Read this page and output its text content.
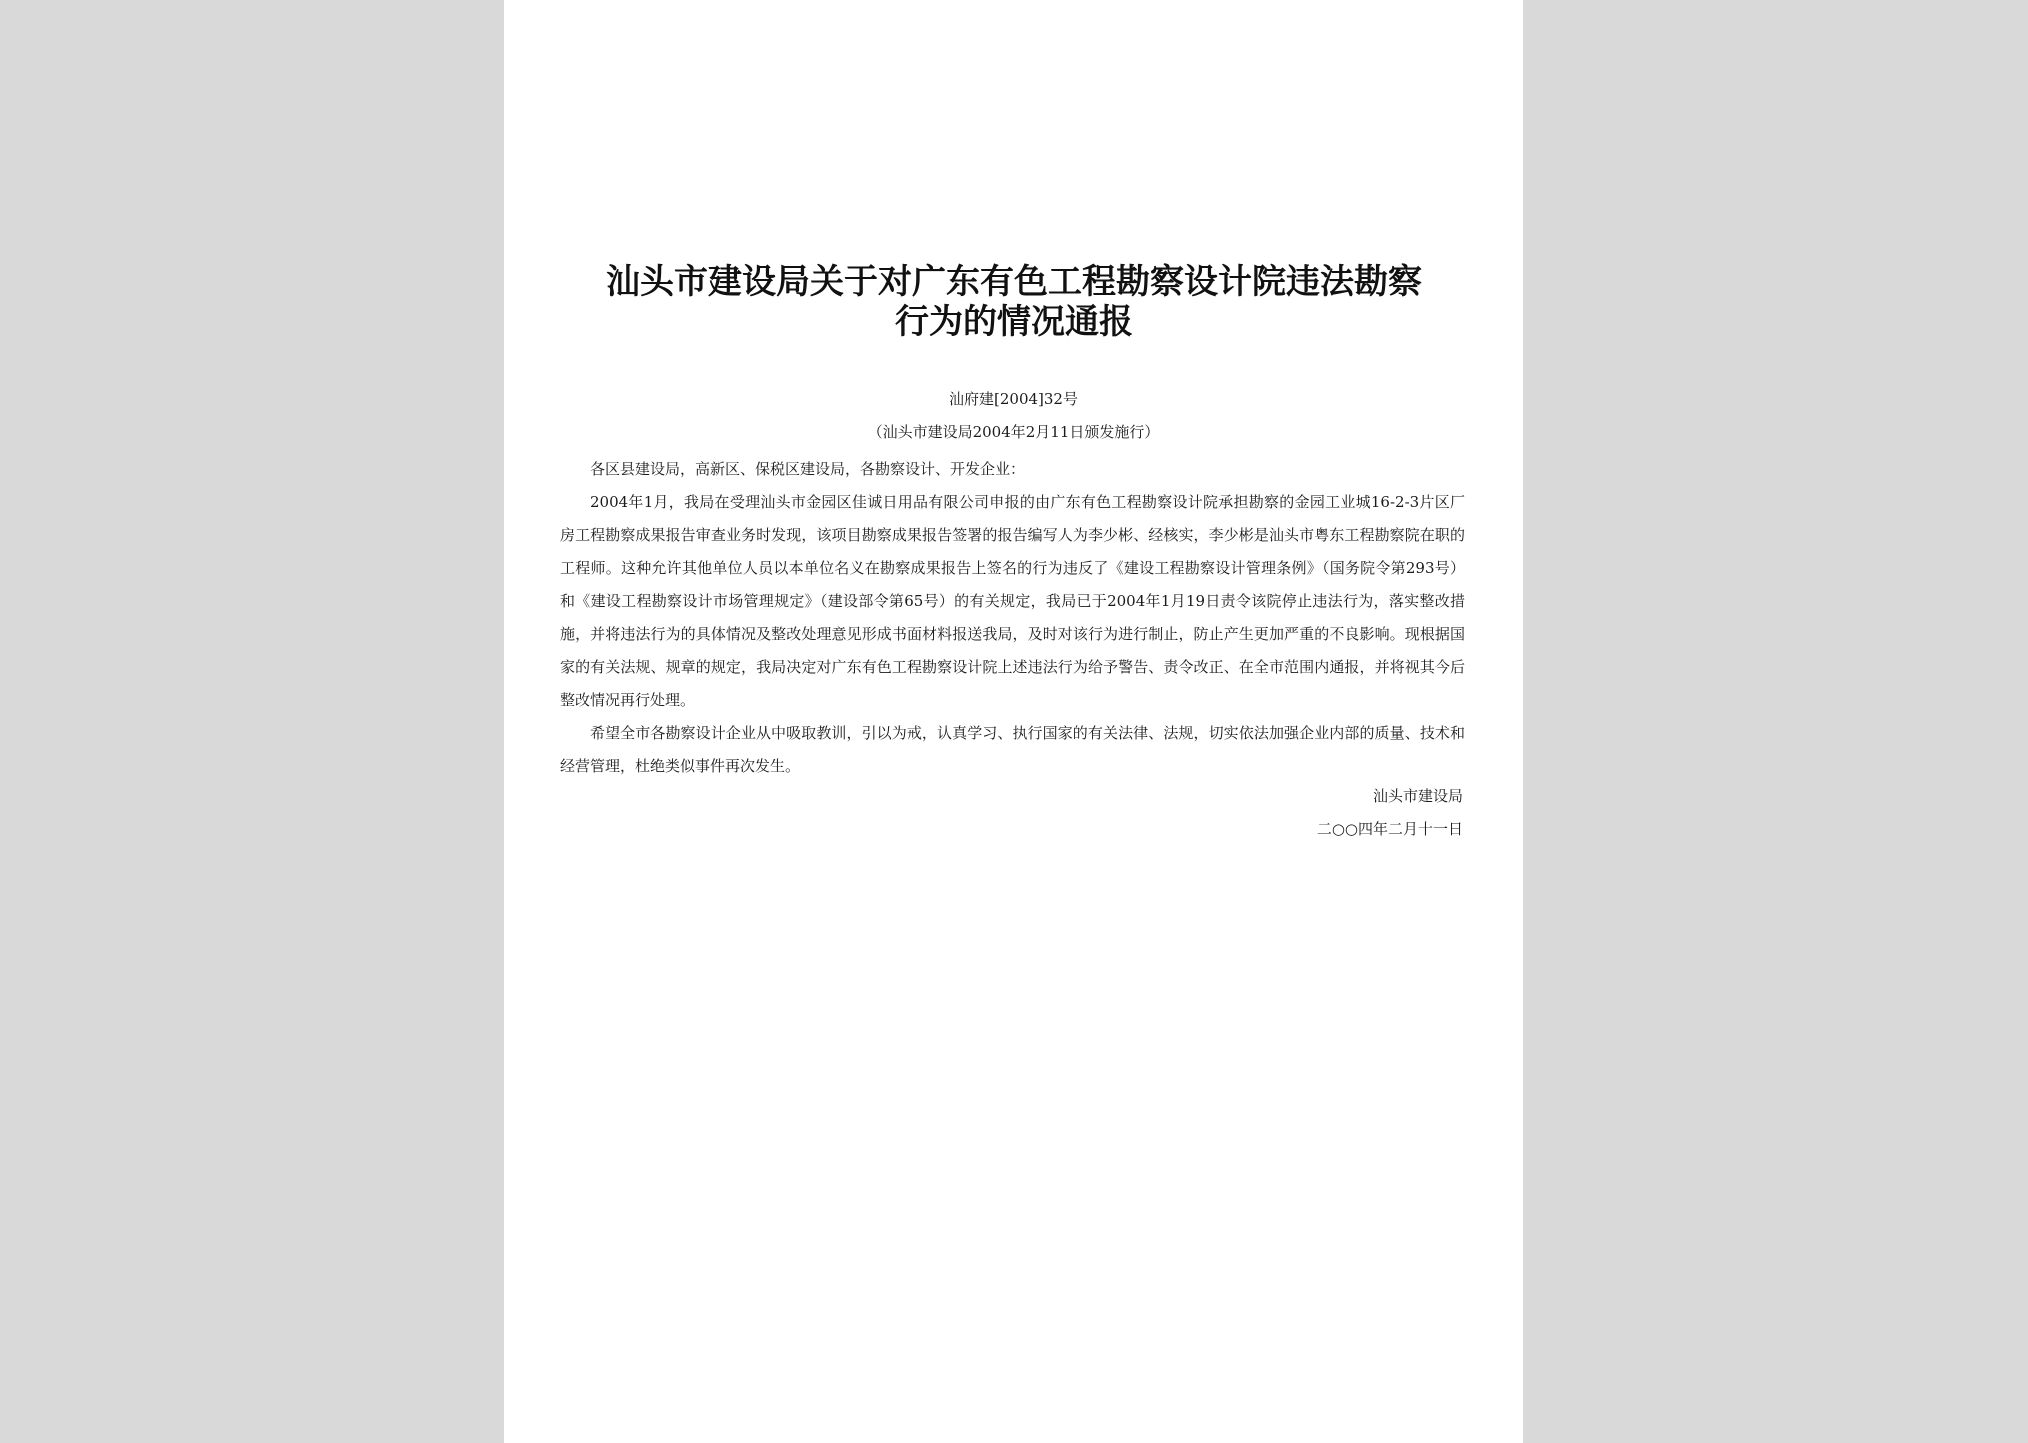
汕头市建设局关于对广东有色工程勘察设计院违法勘察行为的情况通报
汕府建[2004]32号
（汕头市建设局2004年2月11日颁发施行）

各区县建设局，高新区、保税区建设局，各勘察设计、开发企业：

2004年1月，我局在受理汕头市金园区佳诚日用品有限公司申报的由广东有色工程勘察设计院承担勘察的金园工业城16-2-3片区厂房工程勘察成果报告审查业务时发现，该项目勘察成果报告签署的报告编写人为李少彬、经核实，李少彬是汕头市粤东工程勘察院在职的工程师。这种允许其他单位人员以本单位名义在勘察成果报告上签名的行为违反了《建设工程勘察设计管理条例》（国务院令第293号）和《建设工程勘察设计市场管理规定》（建设部令第65号）的有关规定，我局已于2004年1月19日责令该院停止违法行为，落实整改措施，并将违法行为的具体情况及整改处理意见形成书面材料报送我局，及时对该行为进行制止，防止产生更加严重的不良影响。现根据国家的有关法规、规章的规定，我局决定对广东有色工程勘察设计院上述违法行为给予警告、责令改正、在全市范围内通报，并将视其今后整改情况再行处理。

希望全市各勘察设计企业从中吸取教训，引以为戒，认真学习、执行国家的有关法律、法规，切实依法加强企业内部的质量、技术和经营管理，杜绝类似事件再次发生。

汕头市建设局
二○○四年二月十一日
